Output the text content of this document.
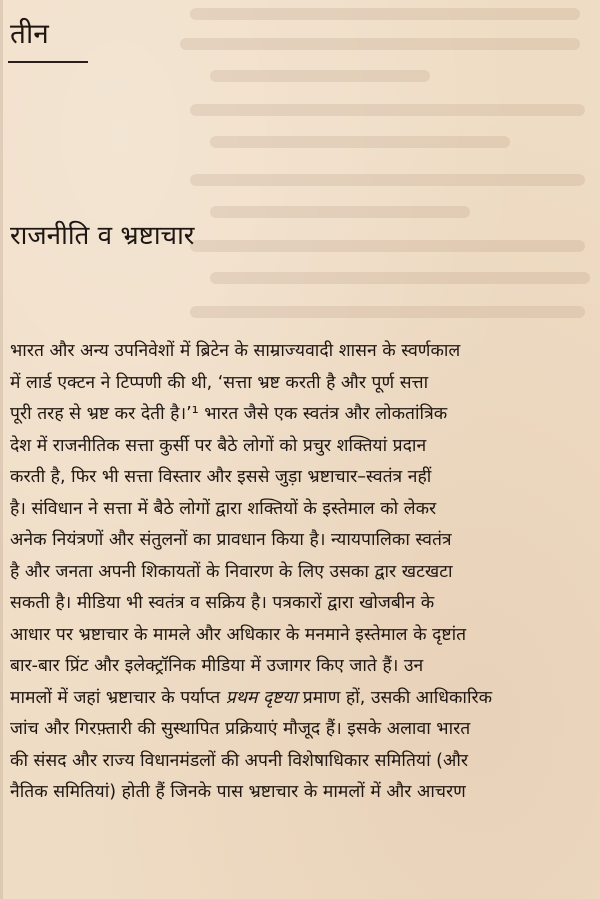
तीन
राजनीति व भ्रष्टाचार
भारत और अन्य उपनिवेशों में ब्रिटेन के साम्राज्यवादी शासन के स्वर्णकाल
में लार्ड एक्टन ने टिप्पणी की थी, ‘सत्ता भ्रष्ट करती है और पूर्ण सत्ता
पूरी तरह से भ्रष्ट कर देती है।’¹ भारत जैसे एक स्वतंत्र और लोकतांत्रिक
देश में राजनीतिक सत्ता कुर्सी पर बैठे लोगों को प्रचुर शक्तियां प्रदान
करती है, फिर भी सत्ता विस्तार और इससे जुड़ा भ्रष्टाचार–स्वतंत्र नहीं
है। संविधान ने सत्ता में बैठे लोगों द्वारा शक्तियों के इस्तेमाल को लेकर
अनेक नियंत्रणों और संतुलनों का प्रावधान किया है। न्यायपालिका स्वतंत्र
है और जनता अपनी शिकायतों के निवारण के लिए उसका द्वार खटखटा
सकती है। मीडिया भी स्वतंत्र व सक्रिय है। पत्रकारों द्वारा खोजबीन के
आधार पर भ्रष्टाचार के मामले और अधिकार के मनमाने इस्तेमाल के दृष्टांत
बार-बार प्रिंट और इलेक्ट्रॉनिक मीडिया में उजागर किए जाते हैं। उन
मामलों में जहां भ्रष्टाचार के पर्याप्त प्रथम दृष्टया प्रमाण हों, उसकी आधिकारिक
जांच और गिरफ़्तारी की सुस्थापित प्रक्रियाएं मौजूद हैं। इसके अलावा भारत
की संसद और राज्य विधानमंडलों की अपनी विशेषाधिकार समितियां (और
नैतिक समितियां) होती हैं जिनके पास भ्रष्टाचार के मामलों में और आचरण
